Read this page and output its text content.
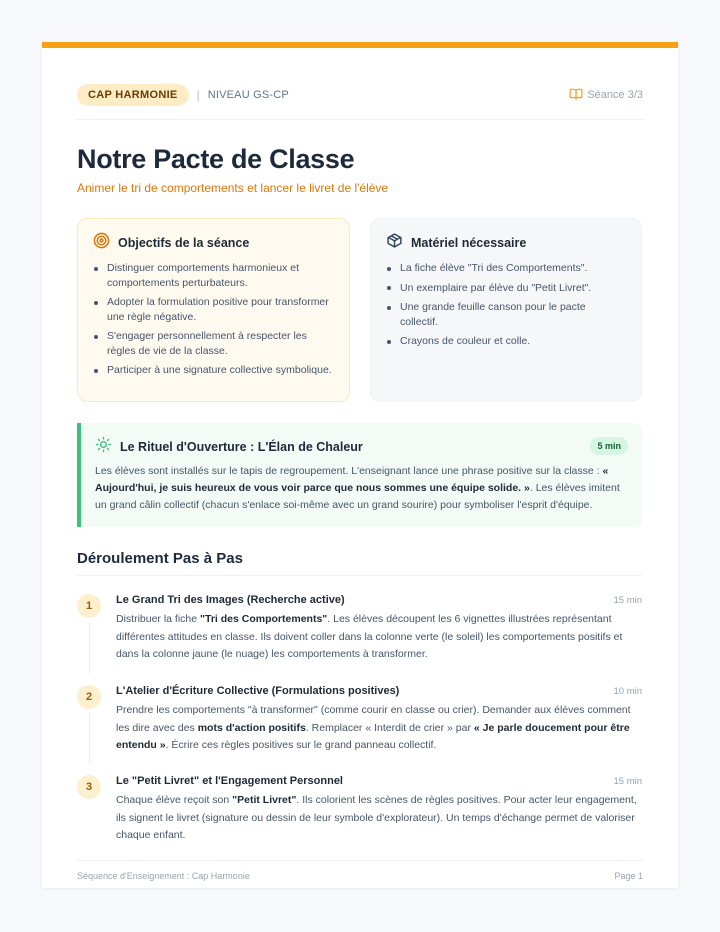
CAP HARMONIE	| NIVEAU GS-CP	Séance 3/3
Notre Pacte de Classe
Animer le tri de comportements et lancer le livret de l'élève
Objectifs de la séance
Distinguer comportements harmonieux et comportements perturbateurs.
Adopter la formulation positive pour transformer une règle négative.
S'engager personnellement à respecter les règles de vie de la classe.
Participer à une signature collective symbolique.
Matériel nécessaire
La fiche élève "Tri des Comportements".
Un exemplaire par élève du "Petit Livret".
Une grande feuille canson pour le pacte collectif.
Crayons de couleur et colle.
Le Rituel d'Ouverture : L'Élan de Chaleur	5 min

Les élèves sont installés sur le tapis de regroupement. L'enseignant lance une phrase positive sur la classe : « Aujourd'hui, je suis heureux de vous voir parce que nous sommes une équipe solide. ». Les élèves imitent un grand câlin collectif (chacun s'enlace soi-même avec un grand sourire) pour symboliser l'esprit d'équipe.

Déroulement Pas à Pas
1	Le Grand Tri des Images (Recherche active)	15 min
Distribuer la fiche "Tri des Comportements". Les élèves découpent les 6 vignettes illustrées représentant différentes attitudes en classe. Ils doivent coller dans la colonne verte (le soleil) les comportements positifs et dans la colonne jaune (le nuage) les comportements à transformer.
2	L'Atelier d'Écriture Collective (Formulations positives)	10 min
Prendre les comportements "à transformer" (comme courir en classe ou crier). Demander aux élèves comment les dire avec des mots d'action positifs. Remplacer « Interdit de crier » par « Je parle doucement pour être entendu ». Écrire ces règles positives sur le grand panneau collectif.
3	Le "Petit Livret" et l'Engagement Personnel	15 min
Chaque élève reçoit son "Petit Livret". Ils colorient les scènes de règles positives. Pour acter leur engagement, ils signent le livret (signature ou dessin de leur symbole d'explorateur). Un temps d'échange permet de valoriser chaque enfant.
Séquence d'Enseignement : Cap Harmonie	Page 1
